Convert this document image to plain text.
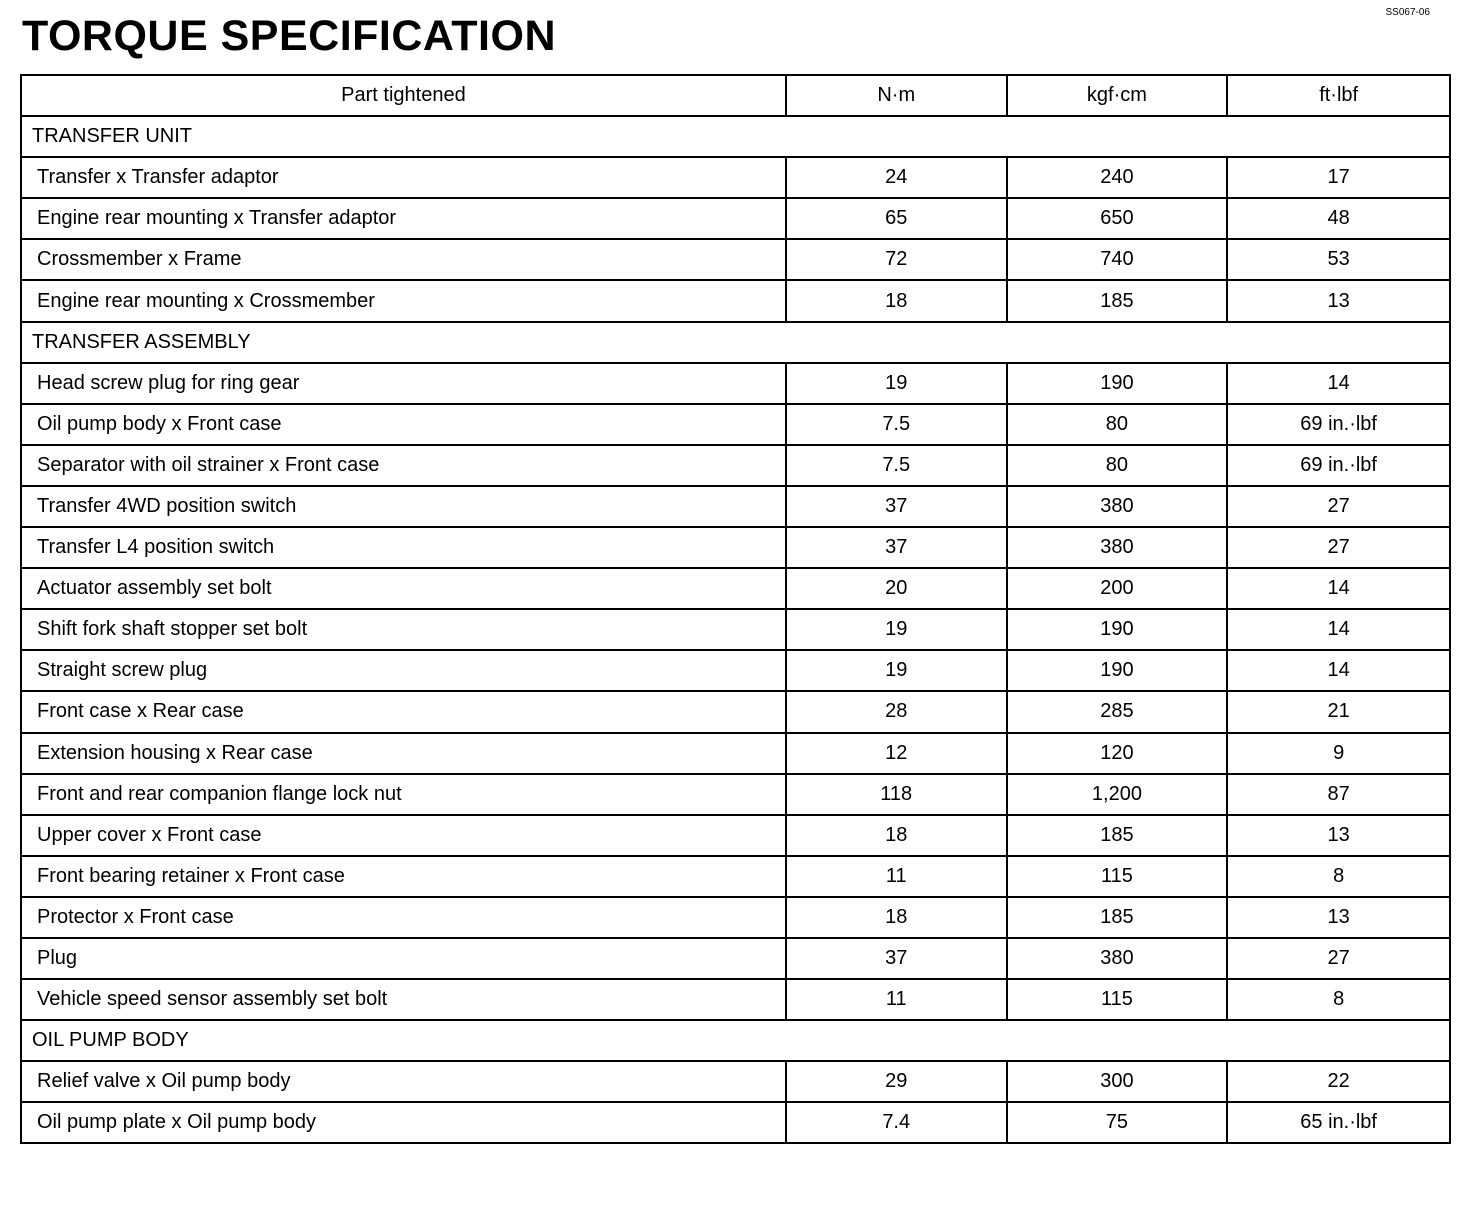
SS067-06
TORQUE SPECIFICATION
Part tightened	N·m	kgf·cm	ft·lbf
TRANSFER UNIT			
Transfer x Transfer adaptor	24	240	17
Engine rear mounting x Transfer adaptor	65	650	48
Crossmember x Frame	72	740	53
Engine rear mounting x Crossmember	18	185	13
TRANSFER ASSEMBLY			
Head screw plug for ring gear	19	190	14
Oil pump body x Front case	7.5	80	69 in.·lbf
Separator with oil strainer x Front case	7.5	80	69 in.·lbf
Transfer 4WD position switch	37	380	27
Transfer L4 position switch	37	380	27
Actuator assembly set bolt	20	200	14
Shift fork shaft stopper set bolt	19	190	14
Straight screw plug	19	190	14
Front case x Rear case	28	285	21
Extension housing x Rear case	12	120	9
Front and rear companion flange lock nut	118	1,200	87
Upper cover x Front case	18	185	13
Front bearing retainer x Front case	11	115	8
Protector x Front case	18	185	13
Plug	37	380	27
Vehicle speed sensor assembly set bolt	11	115	8
OIL PUMP BODY			
Relief valve x Oil pump body	29	300	22
Oil pump plate x Oil pump body	7.4	75	65 in.·lbf
